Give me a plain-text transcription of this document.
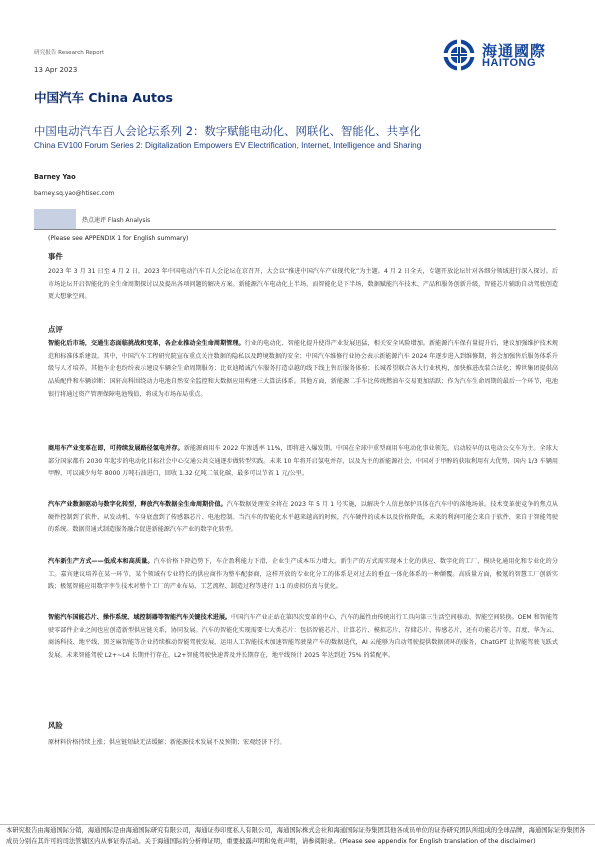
研究报告 Research Report
13 Apr 2023
中国汽车 China Autos
海通國際
HAITONG
中国电动汽车百人会论坛系列 2：数字赋能电动化、网联化、智能化、共享化
China EV100 Forum Series 2: Digitalization Empowers EV Electrification, Internet, Intelligence and Sharing
Barney Yao
barney.sq.yao@htisec.com
热点速评 Flash Analysis
(Please see APPENDIX 1 for English summary)
事件
2023 年 3 月 31 日至 4 月 2 日，2023 年中国电动汽车百人会论坛在京召开，大会以“推进中国汽车产业现代化”为主题。4 月 2 日全天，专题开放论坛针对各细分领域进行深入探讨。后市场论坛开启智能化的全生命周期探讨以及提出各项问题的解决方案。新能源汽车电动化上半场，而智能化是下半场，数据赋能汽车技术、产品和服务创新升级，智能芯片辅助自动驾驶创造更大想象空间。
点评
智能化后市场，交通生态面临挑战和变革，各企业推动全生命周期管理。行业的电动化、智能化提升使得产业发展迅猛，相关安全风险增加。新能源汽车保有量提升后，建议加强维护技术规范和标准体系建设。其中，中国汽车工程研究院宣布重点关注数据的隐私以及跨境数据的安全；中国汽车维修行业协会表示新能源汽车 2024 年逐步进入到维修期，将会加强售后服务体系升级与人才培养。其他车企也纷纷表示建设车辆全生命周期服务；比亚迪精诚汽车服务打造卓越的线下线上售后服务体验；长城希望联合各大行业机构，加快推进改装合法化；博世集团提供高品质配件和车辆诊断；国轩高科围绕动力电池自然安全监控和大数据应用构建三大算法体系。其他方面，新能源二手车比传统燃油车交易更加活跃；作为汽车生命周期的最后一个环节，电池银行将通过资产管理保障电池残值，将成为市场布局重点。
商用车产业变革在即，可持续发展路径氢电并存。新能源商用车 2022 年渗透率 11%，即将进入爆发期。中国在全球中重型商用车电动化事业领先，启动较早的以电动公交车为主。全球大部分国家都有 2030 年起步的电动化目标社会中心交通公共交通逐步做转型实践。未来 10 年将开启氢电并存，以及为主的新能源社会，中国对于甲醇的获取利用有大优势，国内 1/3 车辆用甲醇，可以减少每年 8000 万吨石油进口，回收 1.32 亿吨二氧化碳，最多可以节省 1 元/公里。
汽车产业数据驱动与数字化转型，释放汽车数据全生命周期价值。汽车数据处理安全将在 2023 年 5 月 1 号实施，以解决个人信息保护具体在汽车中的落地场景。技术变革使竞争的焦点从硬件控制到了软件，从发动机、车身底盘到了传感器芯片、电池控制。当汽车的智能化水平越来越高的时候，汽车硬件的成本以及价格降低，未来的利润可能会来自于软件，来自于智能驾驶的系统。数据贯通式制造服务融合促进新能源汽车产业的数字化转型。
汽车新生产方式——低成本和高质量。汽车价格下降趋势下，车企盈利能力下滑，企业生产成本压力增大。新生产的方式需实现本土化的供应、数字化的工厂、模块化通用化和专业化的分工。嘉宾建议培养在某一环节，某个领域有专业特长的供应商作为整车配套商，这样开放的专业化分工的体系是对过去的垂直一体化体系的一种颠覆。高质量方面，极氪的智慧工厂创新实践；极氪智能应用数字孪生技术对整个工厂的产业布局、工艺流程、制造过程等进行 1:1 的虚拟仿真与优化。
智能汽车国能芯片、操作系统、域控制器等智能汽车关键技术进展。中国汽车产业正站在第四次变革的中心，汽车的属性由传统出行工具向第三生活空间移动、智能空间转换。OEM 和智能驾驶零部件企业之间也应创造新型供应链关系，协同发展。汽车的智能化实现需要七大类芯片：包括智能芯片、计算芯片、模拟芯片、存储芯片、传感芯片，还有功能芯片等。百度、华为云、商汤科技、地平线、黑芝麻智能等企业持续推动智能驾驶发展，运用人工智能技术加速智能驾驶量产车的数据迭代，AI 云能够为自动驾驶提供数据闭环的服务，ChatGPT 让智能驾驶飞跃式发展。未来智能驾驶 L2+~L4 长期并行存在，L2+智能驾驶快速普及并长期存在，地平线预计 2025 年达到近 75% 的装配率。
风险
原材料价格持续上涨；供应链短缺无法缓解；新能源技术发展不及预期；宏观经济下行。
本研究报告由海通国际分销，海通国际是由海通国际研究有限公司，海通证券印度私人有限公司，海通国际株式会社和海通国际证券集团其他各成员单位的证券研究团队所组成的全球品牌，海通国际证券集团各成员分别在其许可的司法管辖区内从事证券活动。关于海通国际的分析师证明，重要披露声明和免责声明，请参阅附录。(Please see appendix for English translation of the disclaimer)
